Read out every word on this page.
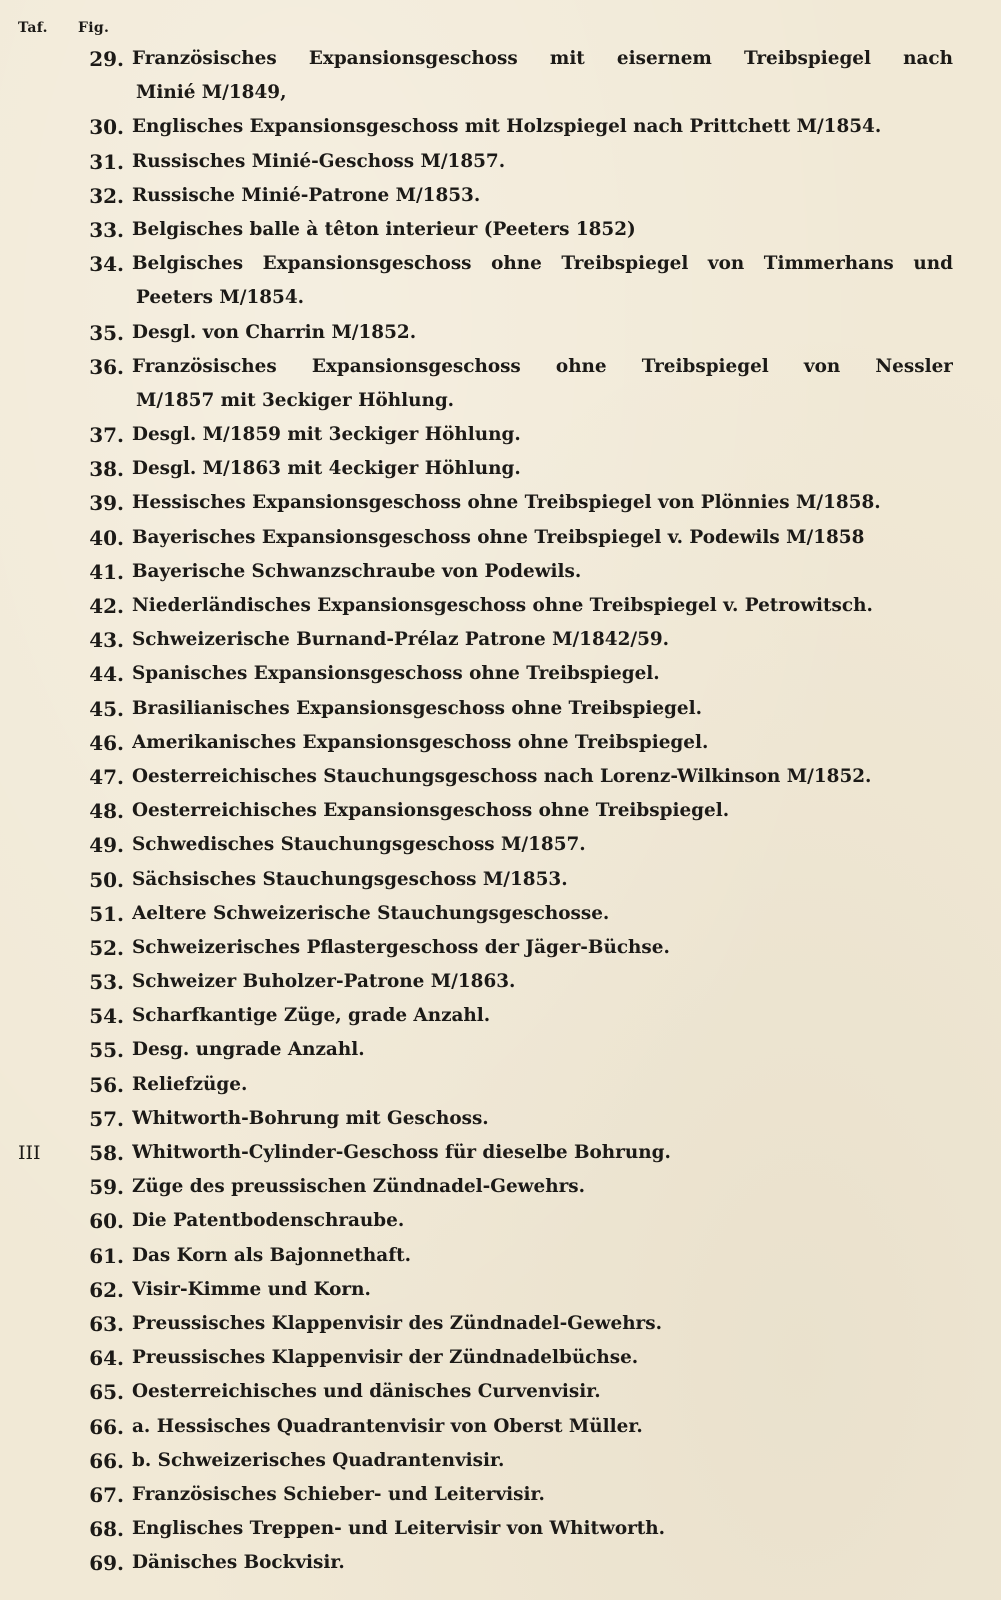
Taf. Fig.
29. Französisches Expansionsgeschoss mit eisernem Treibspiegel nach
Minié M/1849,
30. Englisches Expansionsgeschoss mit Holzspiegel nach Prittchett M/1854.
31. Russisches Minié-Geschoss M/1857.
32. Russische Minié-Patrone M/1853.
33. Belgisches balle à têton interieur (Peeters 1852)
34. Belgisches Expansionsgeschoss ohne Treibspiegel von Timmerhans und
Peeters M/1854.
35. Desgl. von Charrin M/1852.
36. Französisches Expansionsgeschoss ohne Treibspiegel von Nessler
M/1857 mit 3eckiger Höhlung.
37. Desgl. M/1859 mit 3eckiger Höhlung.
38. Desgl. M/1863 mit 4eckiger Höhlung.
39. Hessisches Expansionsgeschoss ohne Treibspiegel von Plönnies M/1858.
40. Bayerisches Expansionsgeschoss ohne Treibspiegel v. Podewils M/1858
41. Bayerische Schwanzschraube von Podewils.
42. Niederländisches Expansionsgeschoss ohne Treibspiegel v. Petrowitsch.
43. Schweizerische Burnand-Prélaz Patrone M/1842/59.
44. Spanisches Expansionsgeschoss ohne Treibspiegel.
45. Brasilianisches Expansionsgeschoss ohne Treibspiegel.
46. Amerikanisches Expansionsgeschoss ohne Treibspiegel.
47. Oesterreichisches Stauchungsgeschoss nach Lorenz-Wilkinson M/1852.
48. Oesterreichisches Expansionsgeschoss ohne Treibspiegel.
49. Schwedisches Stauchungsgeschoss M/1857.
50. Sächsisches Stauchungsgeschoss M/1853.
51. Aeltere Schweizerische Stauchungsgeschosse.
52. Schweizerisches Pflastergeschoss der Jäger-Büchse.
53. Schweizer Buholzer-Patrone M/1863.
54. Scharfkantige Züge, grade Anzahl.
55. Desg. ungrade Anzahl.
56. Reliefzüge.
57. Whitworth-Bohrung mit Geschoss.
III	58. Whitworth-Cylinder-Geschoss für dieselbe Bohrung.
59. Züge des preussischen Zündnadel-Gewehrs.
60. Die Patentbodenschraube.
61. Das Korn als Bajonnethaft.
62. Visir-Kimme und Korn.
63. Preussisches Klappenvisir des Zündnadel-Gewehrs.
64. Preussisches Klappenvisir der Zündnadelbüchse.
65. Oesterreichisches und dänisches Curvenvisir.
66. a. Hessisches Quadrantenvisir von Oberst Müller.
66. b. Schweizerisches Quadrantenvisir.
67. Französisches Schieber- und Leitervisir.
68. Englisches Treppen- und Leitervisir von Whitworth.
69. Dänisches Bockvisir.
